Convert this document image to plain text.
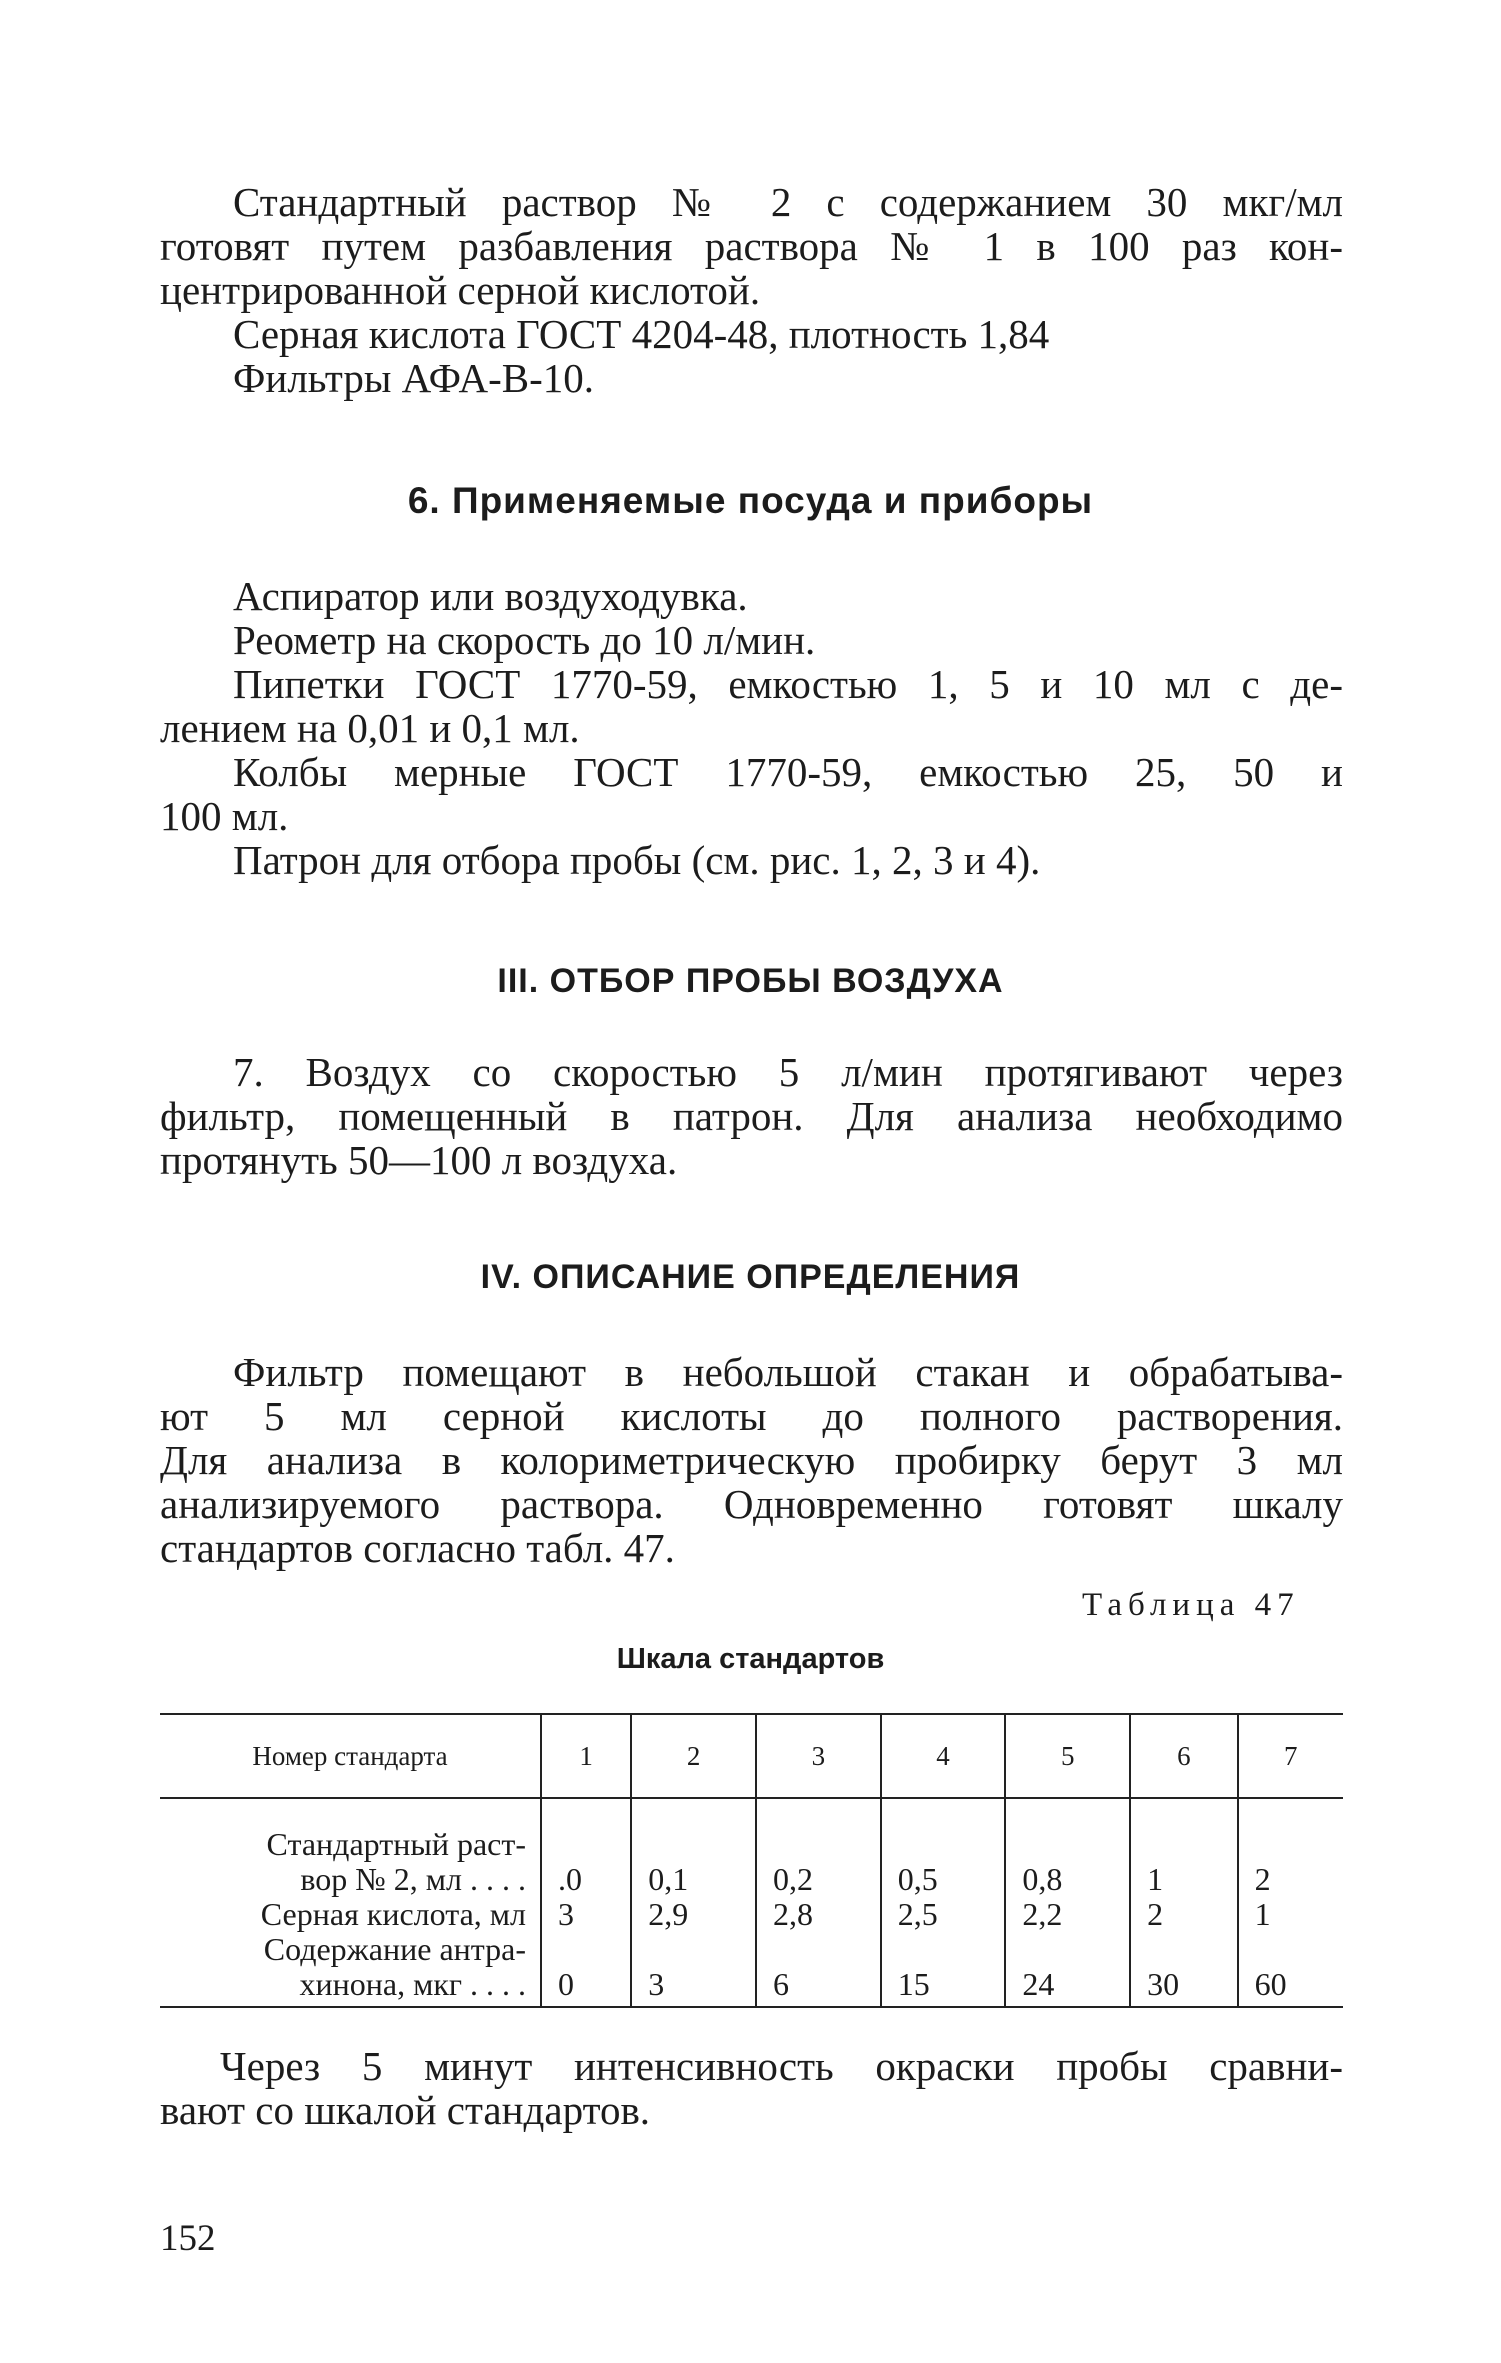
Стандартный раствор № 2 с содержанием 30 мкг/мл
готовят путем разбавления раствора № 1 в 100 раз кон-
центрированной серной кислотой.
Серная кислота ГОСТ 4204-48, плотность 1,84
Фильтры АФА-В-10.
6. Применяемые посуда и приборы
Аспиратор или воздуходувка.
Реометр на скорость до 10 л/мин.
Пипетки ГОСТ 1770-59, емкостью 1, 5 и 10 мл с де-
лением на 0,01 и 0,1 мл.
Колбы мерные ГОСТ 1770-59, емкостью 25, 50 и
100 мл.
Патрон для отбора пробы (см. рис. 1, 2, 3 и 4).
III. ОТБОР ПРОБЫ ВОЗДУХА
7. Воздух со скоростью 5 л/мин протягивают через
фильтр, помещенный в патрон. Для анализа необходимо
протянуть 50—100 л воздуха.
IV. ОПИСАНИЕ ОПРЕДЕЛЕНИЯ
Фильтр помещают в небольшой стакан и обрабатыва-
ют 5 мл серной кислоты до полного растворения.
Для анализа в колориметрическую пробирку берут 3 мл
анализируемого раствора. Одновременно готовят шкалу
стандартов согласно табл. 47.
Таблица 47
Шкала стандартов
Номер стандарта	1	2	3	4	5	6	7

Стандартный раст-
вор № 2, мл . . . .	.0	0,1	0,2	0,5	0,8	1	2

Серная кислота, мл	3	2,9	2,8	2,5	2,2	2	1

Содержание антра-
хинона, мкг . . . .	0	3	6	15	24	30	60
Через 5 минут интенсивность окраски пробы сравни-
вают со шкалой стандартов.
152
